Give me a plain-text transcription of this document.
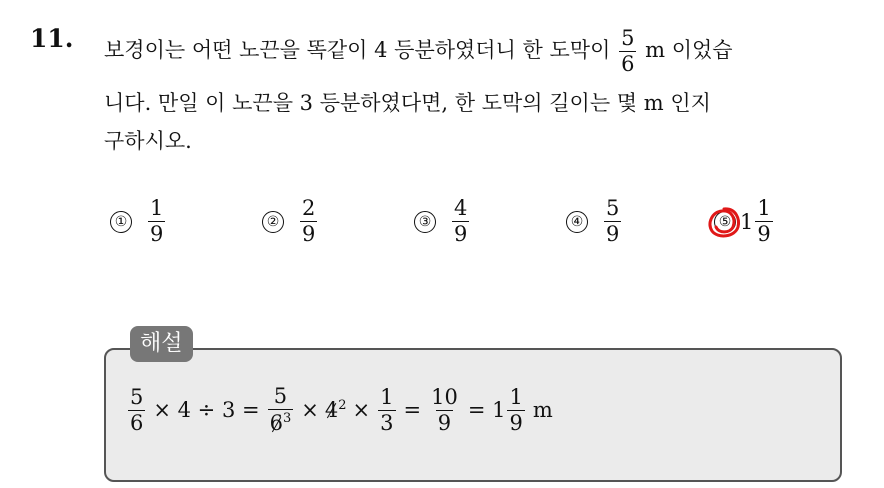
11. 보경이는 어떤 노끈을 똑같이 4 등분하였더니 한 도막이 $\frac{5}{6}$ m 이었습
니다. 만일 이 노끈을 3 등분하였다면, 한 도막의 길이는 몇 m 인지
구하시오.
① $\frac{1}{9}$	② $\frac{2}{9}$	③ $\frac{4}{9}$	④ $\frac{5}{9}$	⑤ $1 \frac{1}{9}$
해설
$\frac{5}{6} \times 4 \div 3 = \frac{5}{6^3} \times 4^2 \times \frac{1}{3} = \frac{10}{9} = 1 \frac{1}{9}$ m
